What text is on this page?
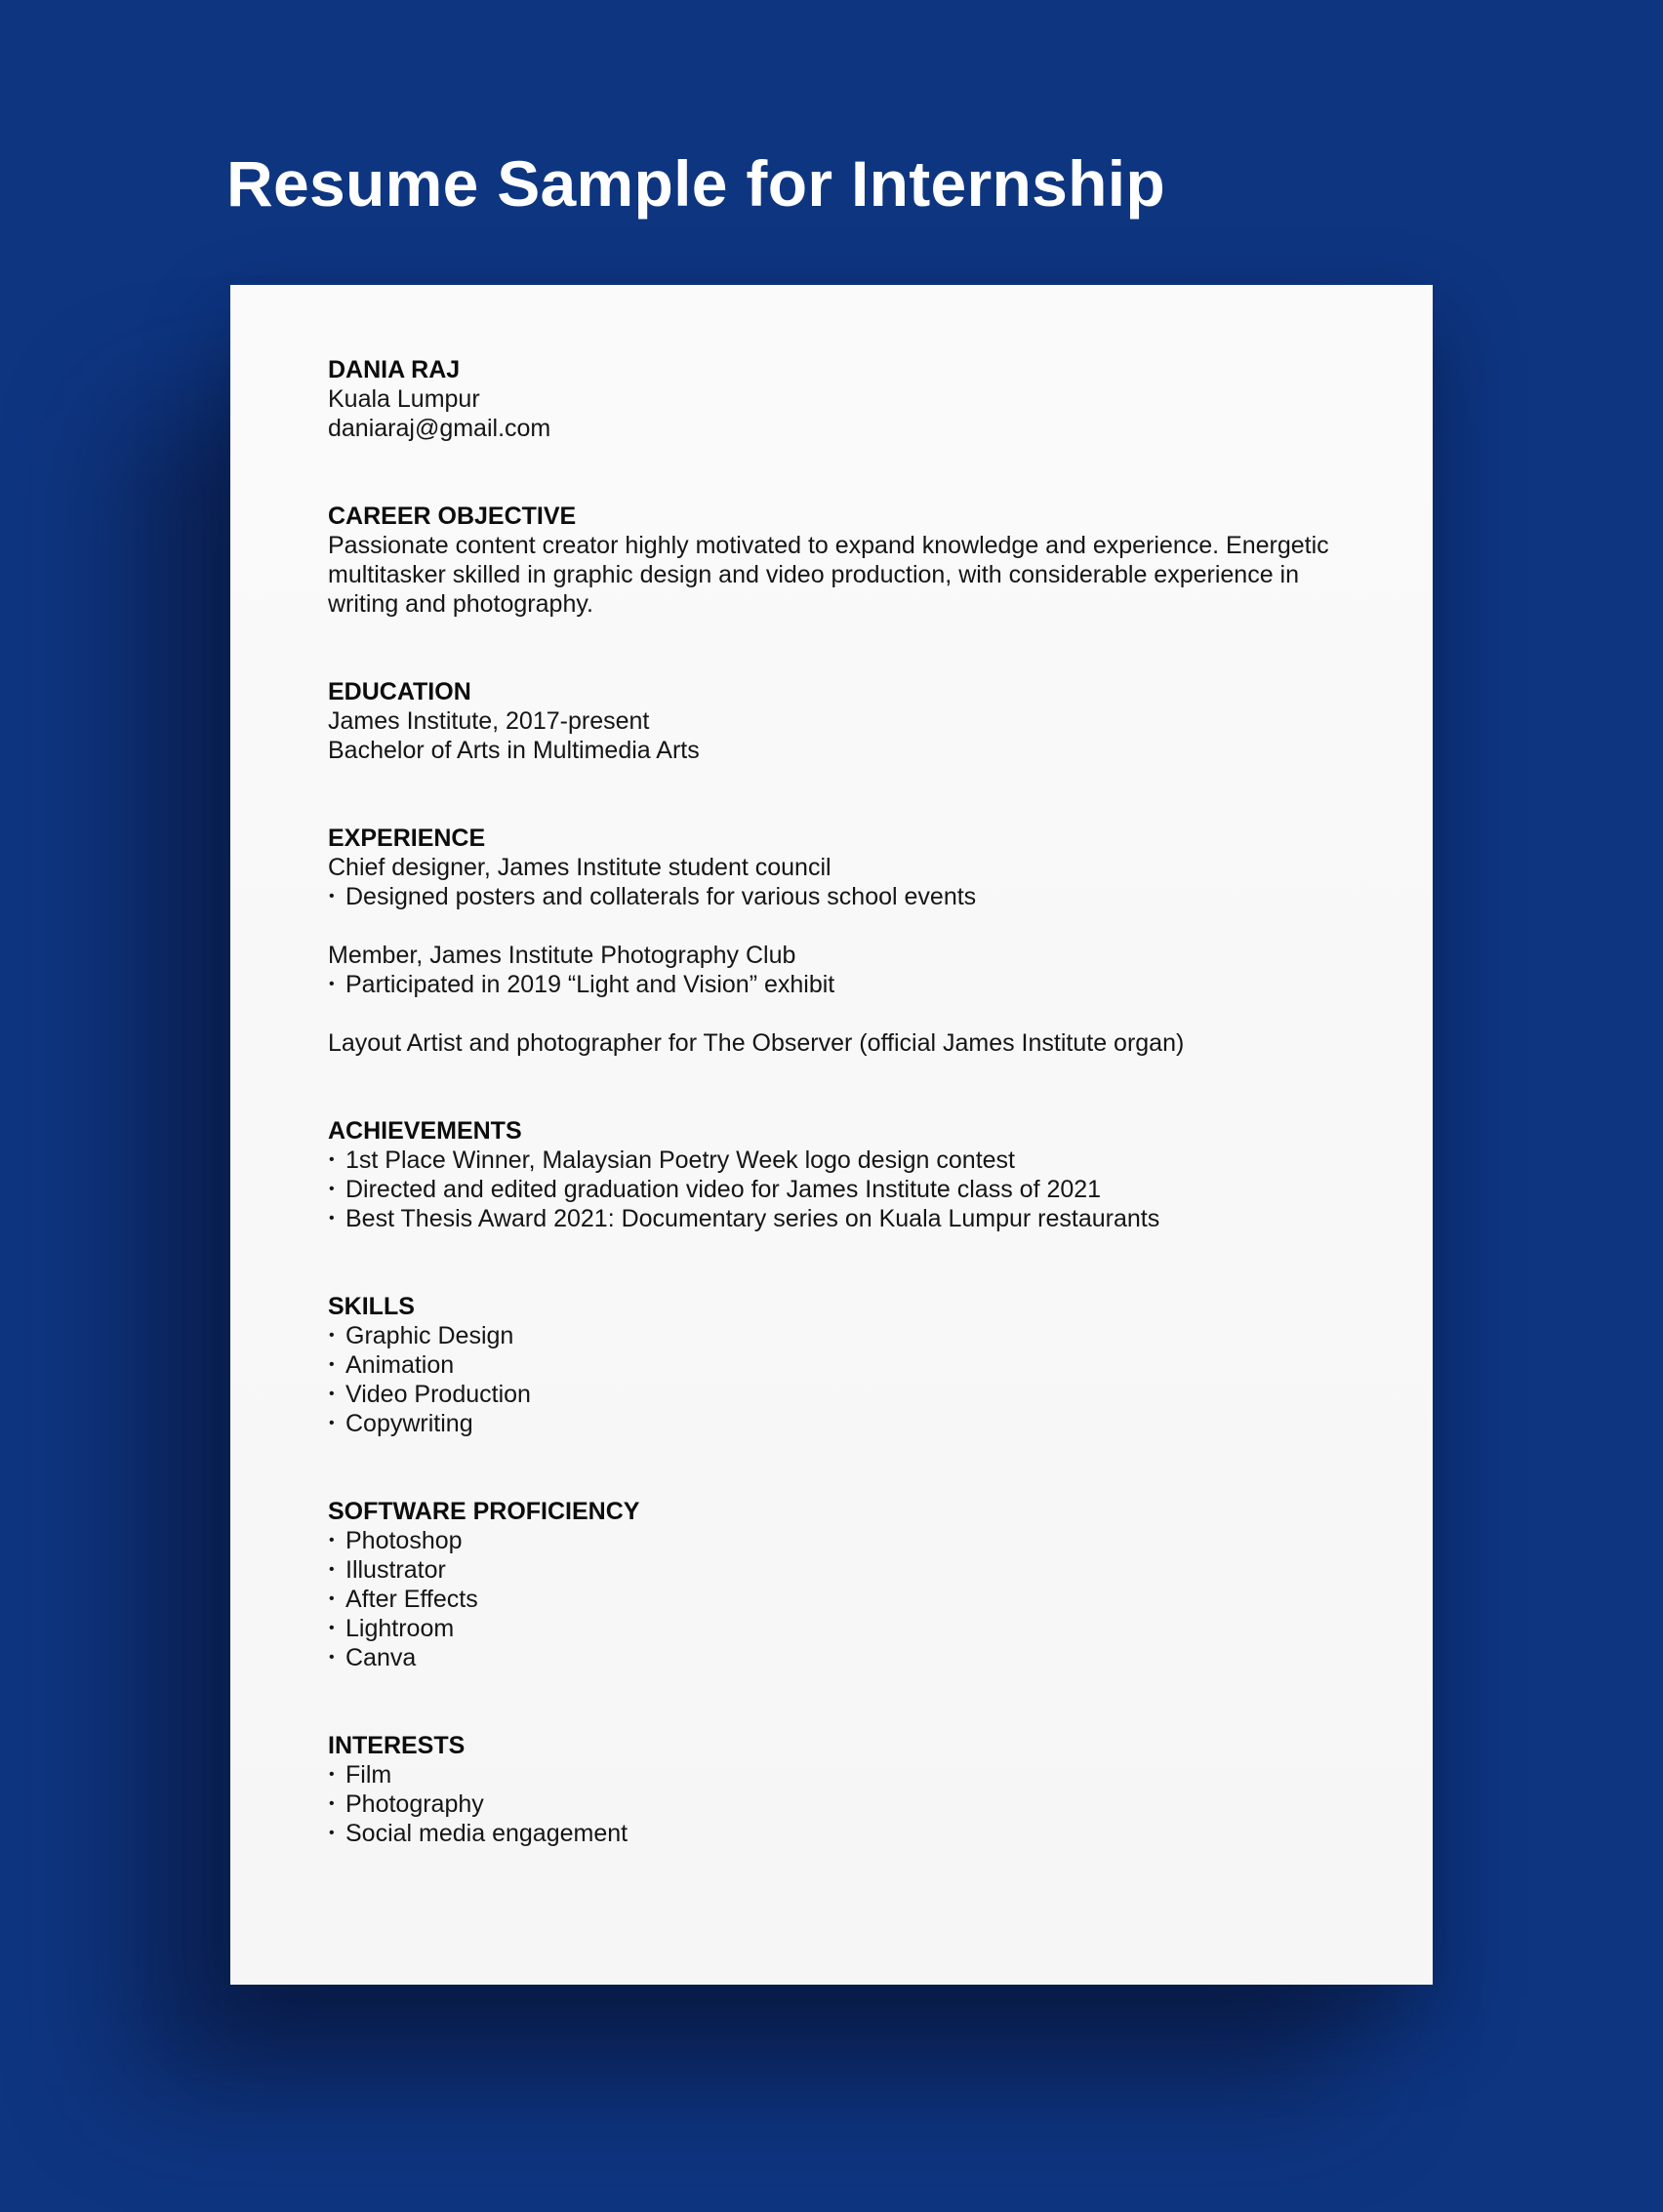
Resume Sample for Internship

DANIA RAJ

Kuala Lumpur

daniaraj@gmail.com

CAREER OBJECTIVE

Passionate content creator highly motivated to expand knowledge and experience. Energetic multitasker skilled in graphic design and video production, with considerable experience in writing and photography.

EDUCATION

James Institute, 2017-present

Bachelor of Arts in Multimedia Arts

EXPERIENCE

Chief designer, James Institute student council

• Designed posters and collaterals for various school events

Member, James Institute Photography Club

• Participated in 2019 “Light and Vision” exhibit

Layout Artist and photographer for The Observer (official James Institute organ)

ACHIEVEMENTS

• 1st Place Winner, Malaysian Poetry Week logo design contest
• Directed and edited graduation video for James Institute class of 2021
• Best Thesis Award 2021: Documentary series on Kuala Lumpur restaurants

SKILLS

• Graphic Design
• Animation
• Video Production
• Copywriting

SOFTWARE PROFICIENCY

• Photoshop
• Illustrator
• After Effects
• Lightroom
• Canva

INTERESTS

• Film
• Photography
• Social media engagement
